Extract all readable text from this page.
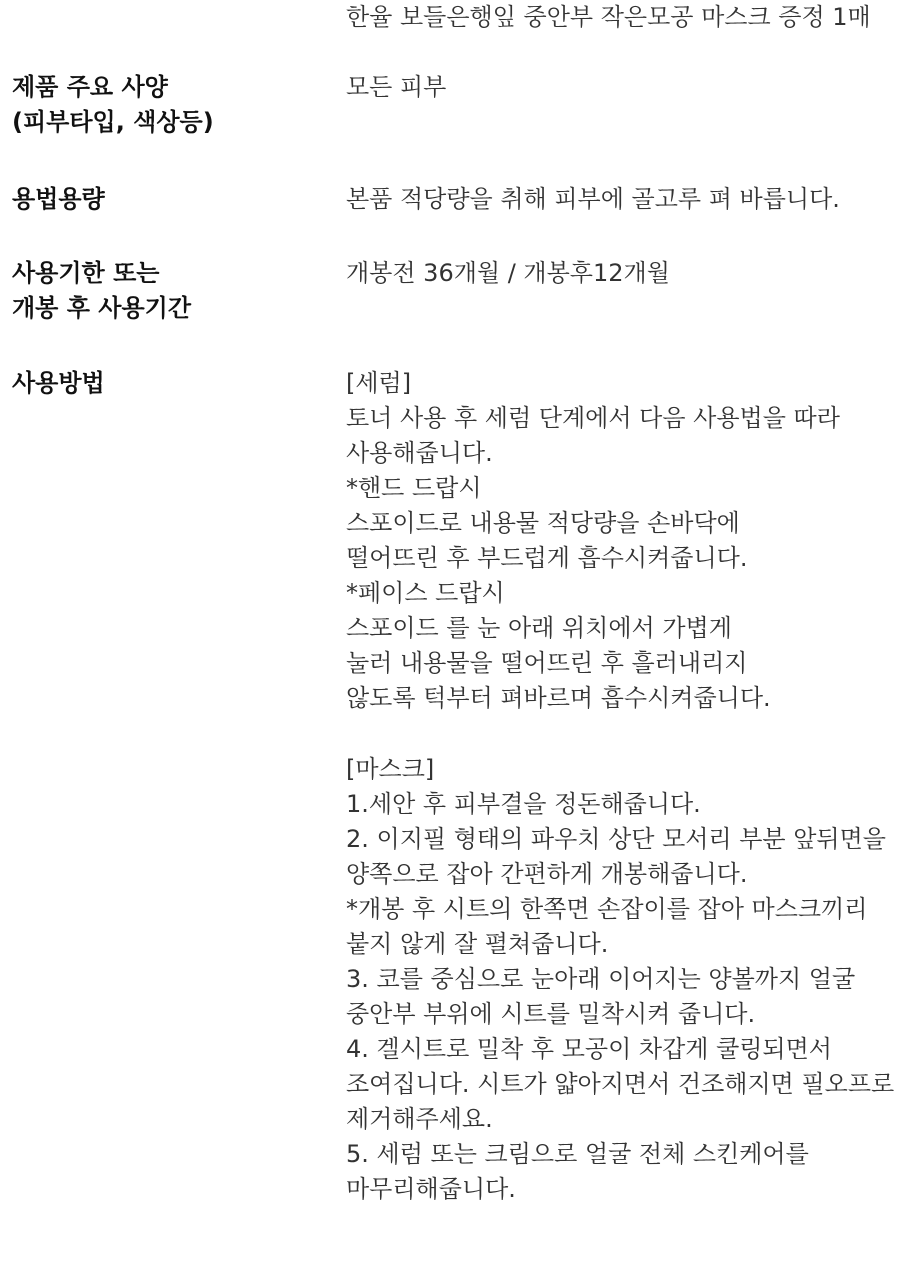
한율 보들은행잎 중안부 작은모공 마스크 증정 1매
제품 주요 사양
(피부타입, 색상등)
모든 피부
용법용량	본품 적당량을 취해 피부에 골고루 펴 바릅니다.
사용기한 또는
개봉 후 사용기간
개봉전 36개월 / 개봉후12개월
사용방법	[세럼]
토너 사용 후 세럼 단계에서 다음 사용법을 따라
사용해줍니다.
*핸드 드랍시
스포이드로 내용물 적당량을 손바닥에
떨어뜨린 후 부드럽게 흡수시켜줍니다.
*페이스 드랍시
스포이드 를 눈 아래 위치에서 가볍게
눌러 내용물을 떨어뜨린 후 흘러내리지
않도록 턱부터 펴바르며 흡수시켜줍니다.
[마스크]
1.세안 후 피부결을 정돈해줍니다.
2. 이지필 형태의 파우치 상단 모서리 부분 앞뒤면을
양쪽으로 잡아 간편하게 개봉해줍니다.
*개봉 후 시트의 한쪽면 손잡이를 잡아 마스크끼리
붙지 않게 잘 펼쳐줍니다.
3. 코를 중심으로 눈아래 이어지는 양볼까지 얼굴
중안부 부위에 시트를 밀착시켜 줍니다.
4. 겔시트로 밀착 후 모공이 차갑게 쿨링되면서
조여집니다. 시트가 얇아지면서 건조해지면 필오프로
제거해주세요.
5. 세럼 또는 크림으로 얼굴 전체 스킨케어를
마무리해줍니다.
